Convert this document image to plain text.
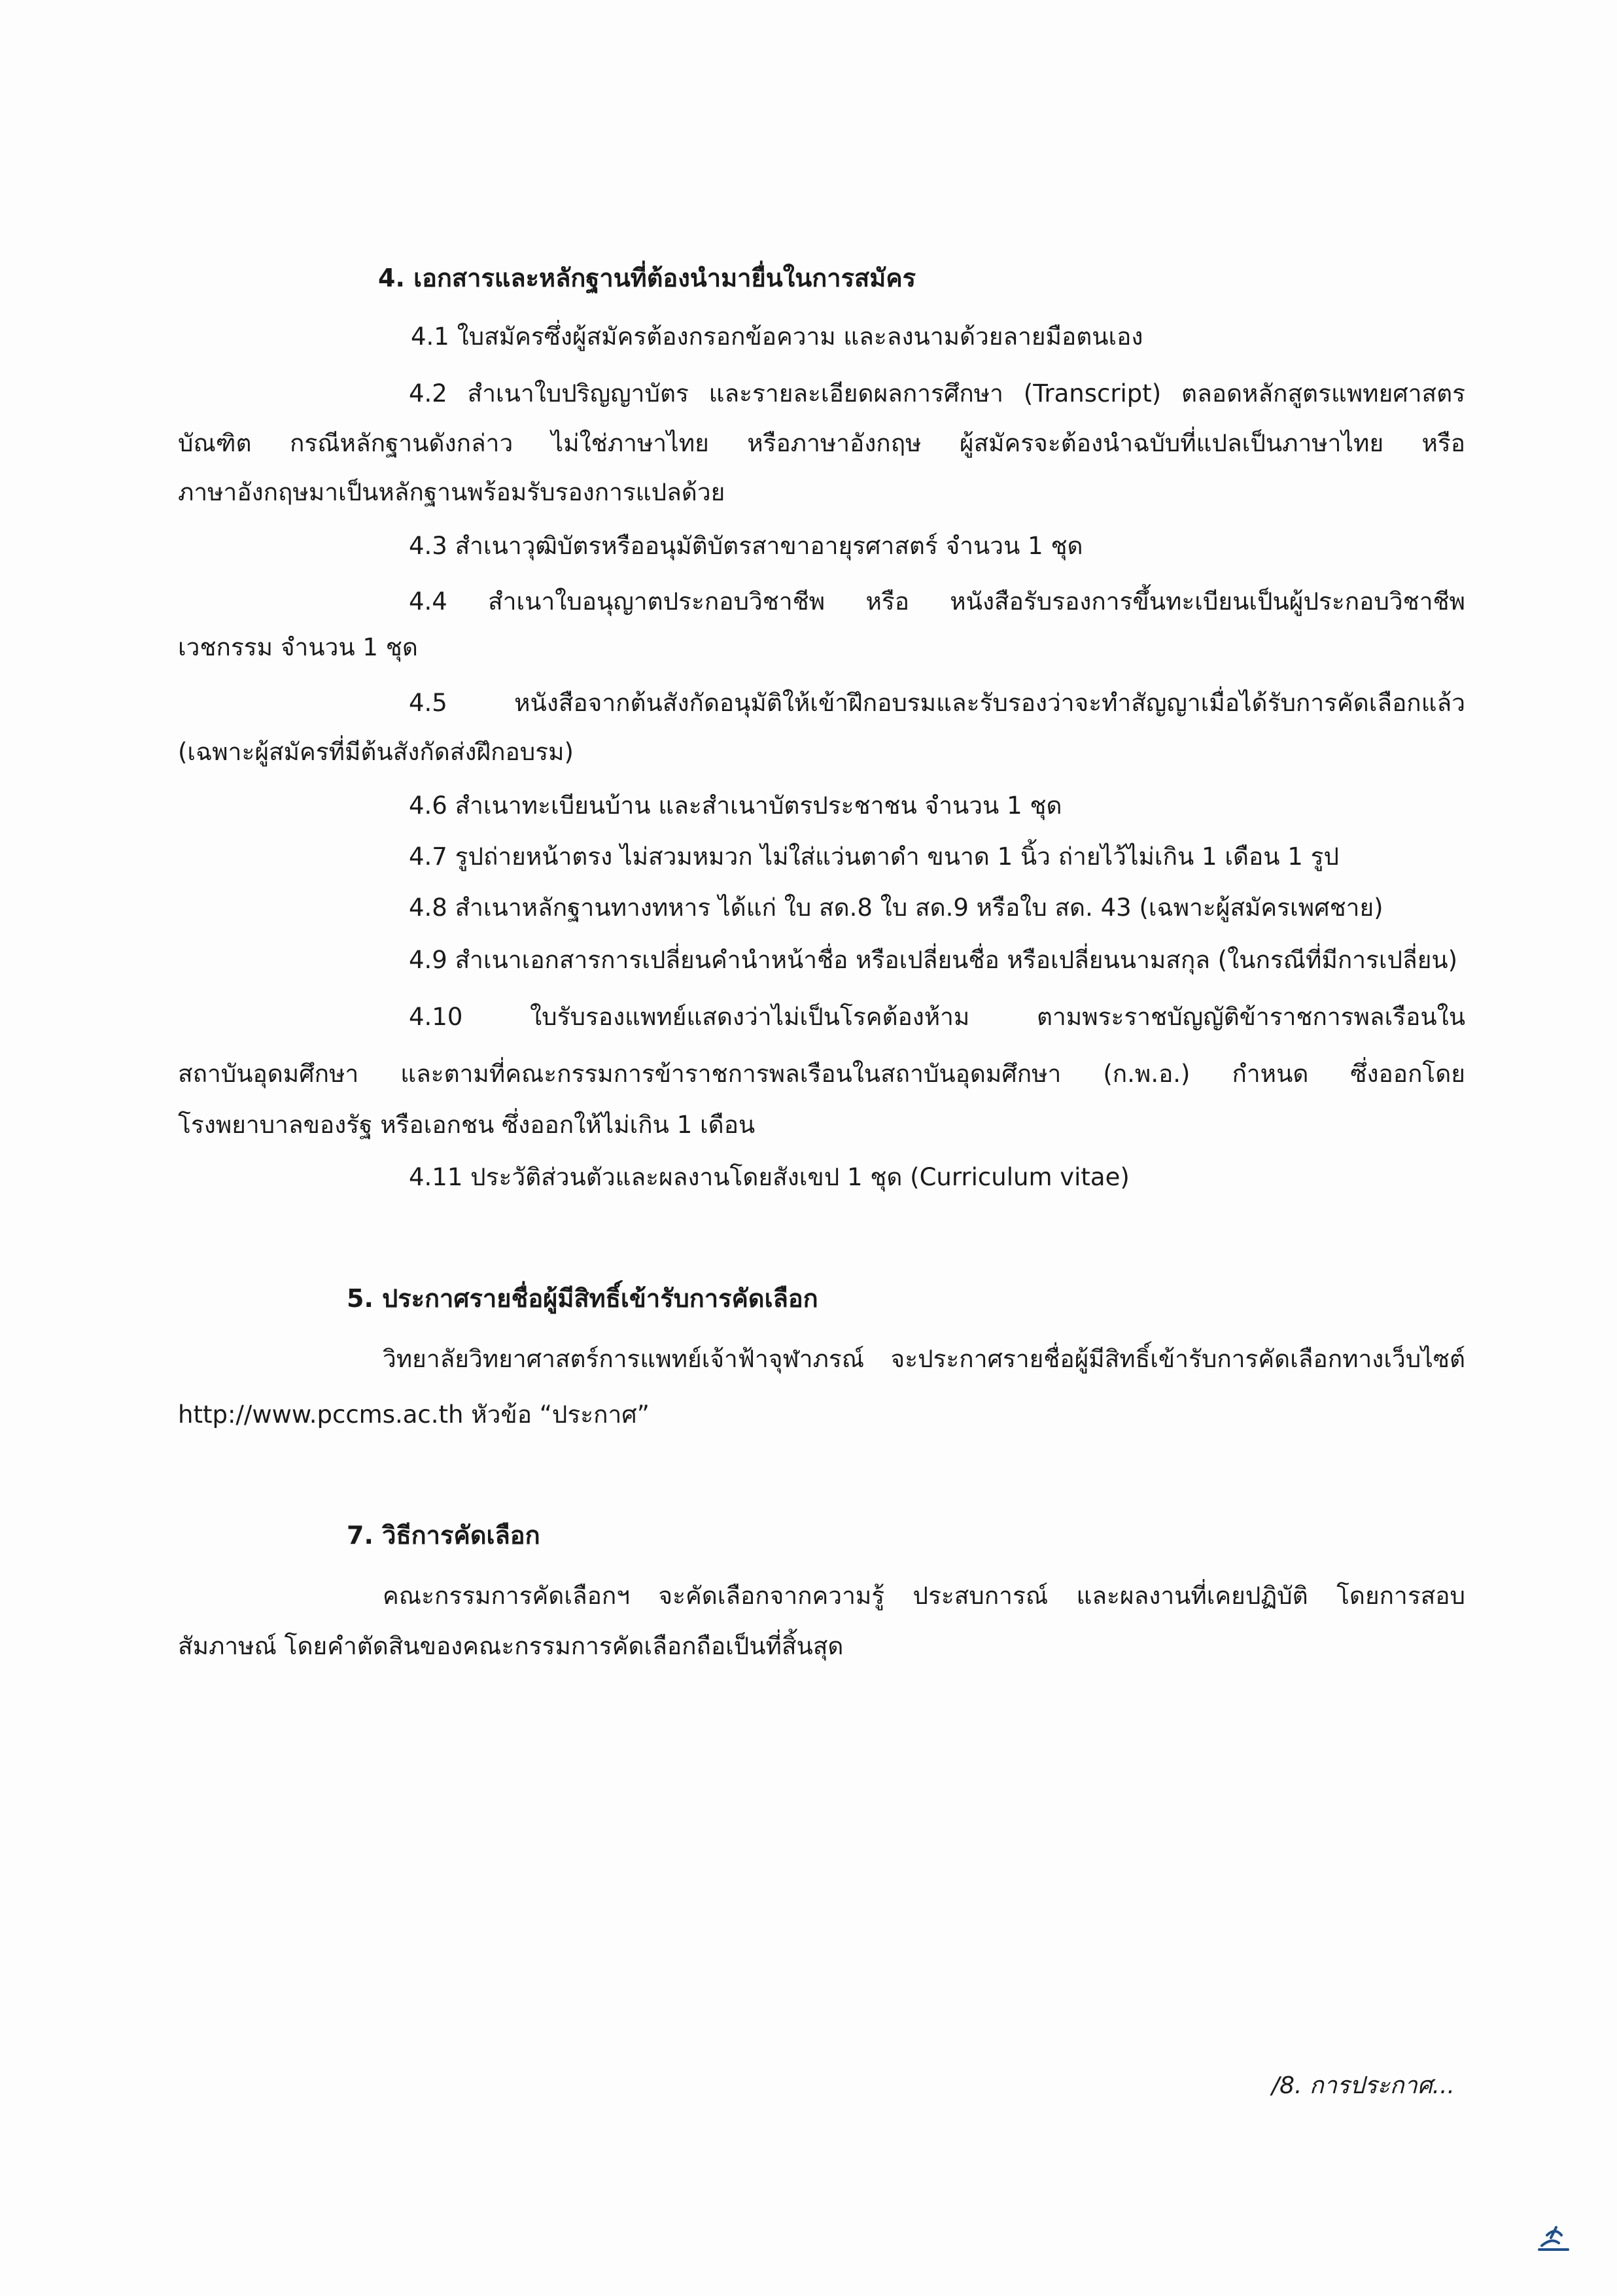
4. เอกสารและหลักฐานที่ต้องนำมายื่นในการสมัคร

4.1 ใบสมัครซึ่งผู้สมัครต้องกรอกข้อความ และลงนามด้วยลายมือตนเอง

4.2 สำเนาใบปริญญาบัตร และรายละเอียดผลการศึกษา (Transcript) ตลอดหลักสูตรแพทยศาสตร

บัณฑิต กรณีหลักฐานดังกล่าว ไม่ใช่ภาษาไทย หรือภาษาอังกฤษ ผู้สมัครจะต้องนำฉบับที่แปลเป็นภาษาไทย หรือ

ภาษาอังกฤษมาเป็นหลักฐานพร้อมรับรองการแปลด้วย

4.3 สำเนาวุฒิบัตรหรืออนุมัติบัตรสาขาอายุรศาสตร์ จำนวน 1 ชุด

4.4 สำเนาใบอนุญาตประกอบวิชาชีพ หรือ หนังสือรับรองการขึ้นทะเบียนเป็นผู้ประกอบวิชาชีพ

เวชกรรม จำนวน 1 ชุด

4.5 หนังสือจากต้นสังกัดอนุมัติให้เข้าฝึกอบรมและรับรองว่าจะทำสัญญาเมื่อได้รับการคัดเลือกแล้ว

(เฉพาะผู้สมัครที่มีต้นสังกัดส่งฝึกอบรม)

4.6 สำเนาทะเบียนบ้าน และสำเนาบัตรประชาชน จำนวน 1 ชุด

4.7 รูปถ่ายหน้าตรง ไม่สวมหมวก ไม่ใส่แว่นตาดำ ขนาด 1 นิ้ว ถ่ายไว้ไม่เกิน 1 เดือน 1 รูป

4.8 สำเนาหลักฐานทางทหาร ได้แก่ ใบ สด.8 ใบ สด.9 หรือใบ สด. 43 (เฉพาะผู้สมัครเพศชาย)

4.9 สำเนาเอกสารการเปลี่ยนคำนำหน้าชื่อ หรือเปลี่ยนชื่อ หรือเปลี่ยนนามสกุล (ในกรณีที่มีการเปลี่ยน)

4.10 ใบรับรองแพทย์แสดงว่าไม่เป็นโรคต้องห้าม ตามพระราชบัญญัติข้าราชการพลเรือนใน

สถาบันอุดมศึกษา และตามที่คณะกรรมการข้าราชการพลเรือนในสถาบันอุดมศึกษา (ก.พ.อ.) กำหนด ซึ่งออกโดย

โรงพยาบาลของรัฐ หรือเอกชน ซึ่งออกให้ไม่เกิน 1 เดือน

4.11 ประวัติส่วนตัวและผลงานโดยสังเขป 1 ชุด (Curriculum vitae)

5. ประกาศรายชื่อผู้มีสิทธิ์เข้ารับการคัดเลือก

วิทยาลัยวิทยาศาสตร์การแพทย์เจ้าฟ้าจุฬาภรณ์ จะประกาศรายชื่อผู้มีสิทธิ์เข้ารับการคัดเลือกทางเว็บไซต์

http://www.pccms.ac.th หัวข้อ “ประกาศ”

7. วิธีการคัดเลือก

คณะกรรมการคัดเลือกฯ จะคัดเลือกจากความรู้ ประสบการณ์ และผลงานที่เคยปฏิบัติ โดยการสอบ

สัมภาษณ์ โดยคำตัดสินของคณะกรรมการคัดเลือกถือเป็นที่สิ้นสุด

/8. การประกาศ...
